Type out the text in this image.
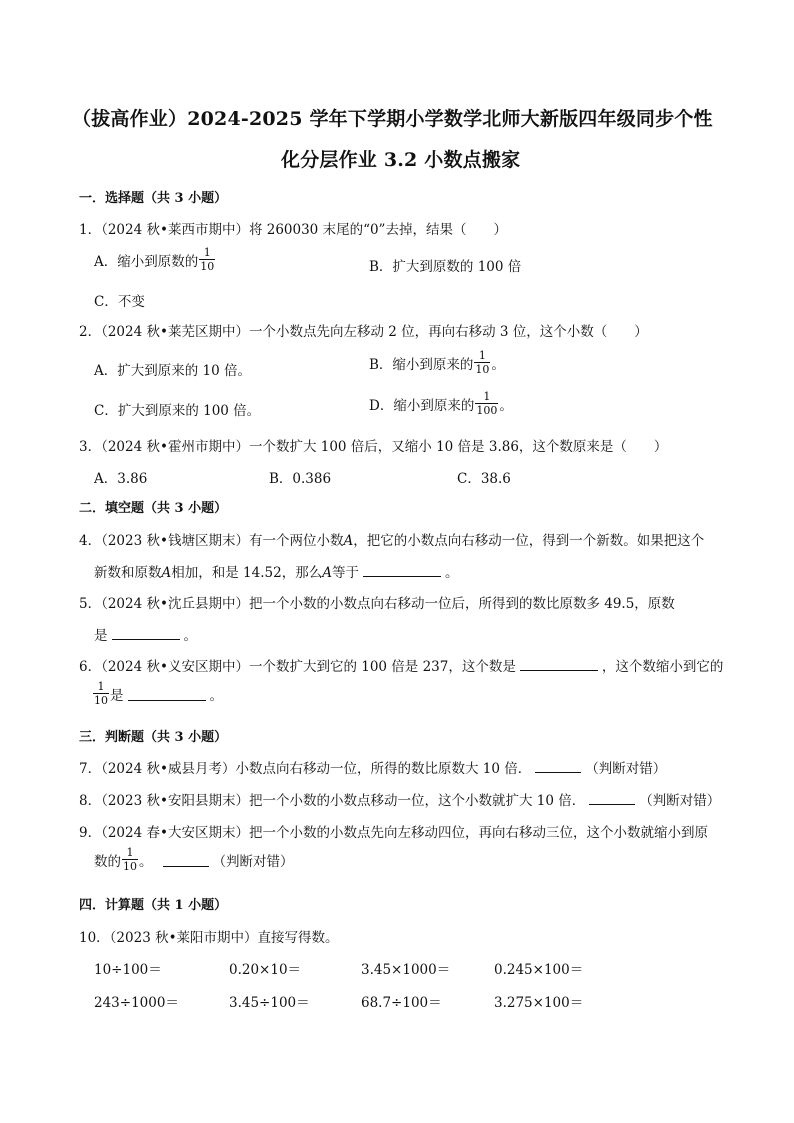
（拔高作业）2024-2025 学年下学期小学数学北师大新版四年级同步个性
化分层作业 3.2 小数点搬家
一．选择题（共 3 小题）
1．（2024 秋•莱西市期中）将 260030 末尾的“0”去掉，结果（　　）
A．缩小到原数的 $\frac{1}{10}$	B．扩大到原数的 100 倍
C．不变
2．（2024 秋•莱芜区期中）一个小数点先向左移动 2 位，再向右移动 3 位，这个小数（　　）
A．扩大到原来的 10 倍。	B．缩小到原来的 $\frac{1}{10}$ 。
C．扩大到原来的 100 倍。	D．缩小到原来的 $\frac{1}{100}$ 。
3．（2024 秋•霍州市期中）一个数扩大 100 倍后，又缩小 10 倍是 3.86，这个数原来是（　　）
A．3.86	B．0.386	C．38.6
二．填空题（共 3 小题）
4．（2023 秋•钱塘区期末）有一个两位小数A，把它的小数点向右移动一位，得到一个新数。如果把这个
新数和原数A相加，和是 14.52，那么A等于	。
5．（2024 秋•沈丘县期中）把一个小数的小数点向右移动一位后，所得到的数比原数多 49.5，原数
是	。
6．（2024 秋•义安区期中）一个数扩大到它的 100 倍是 237，这个数是	，这个数缩小到它的
$\frac{1}{10}$ 是	。
三．判断题（共 3 小题）
7．（2024 秋•威县月考）小数点向右移动一位，所得的数比原数大 10 倍．	（判断对错）
8．（2023 秋•安阳县期末）把一个小数的小数点移动一位，这个小数就扩大 10 倍．	（判断对错）
9．（2024 春•大安区期末）把一个小数的小数点先向左移动四位，再向右移动三位，这个小数就缩小到原
数的 $\frac{1}{10}$ 。	（判断对错）
四．计算题（共 1 小题）
10．（2023 秋•莱阳市期中）直接写得数。
10÷100＝	0.20×10＝	3.45×1000＝	0.245×100＝
243÷1000＝	3.45÷100＝	68.7÷100＝	3.275×100＝
